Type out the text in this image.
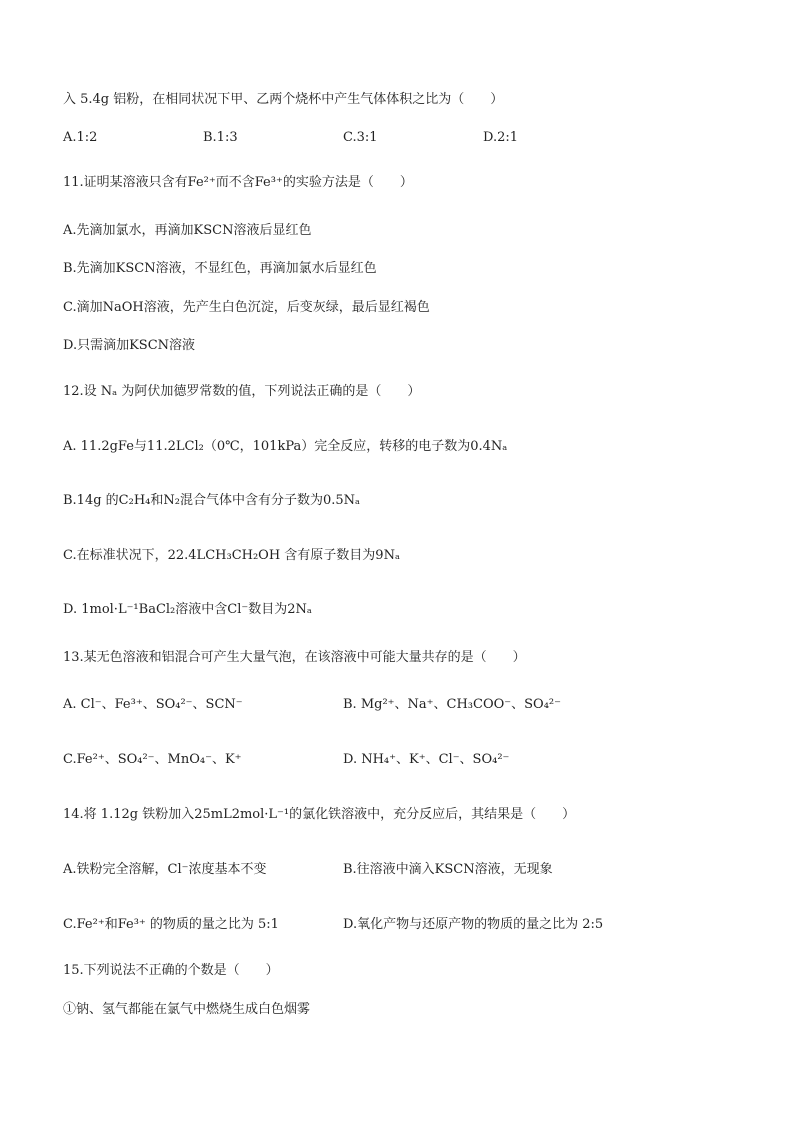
入 5.4g 铝粉，在相同状况下甲、乙两个烧杯中产生气体体积之比为（　　）
A.1:2	B.1:3	C.3:1	D.2:1
11.证明某溶液只含有Fe²⁺而不含Fe³⁺的实验方法是（　　）
A.先滴加氯水，再滴加KSCN溶液后显红色
B.先滴加KSCN溶液，不显红色，再滴加氯水后显红色
C.滴加NaOH溶液，先产生白色沉淀，后变灰绿，最后显红褐色
D.只需滴加KSCN溶液
12.设 Nₐ 为阿伏加德罗常数的值，下列说法正确的是（　　）
A. 11.2gFe与11.2LCl₂（0℃，101kPa）完全反应，转移的电子数为0.4Nₐ
B.14g 的C₂H₄和N₂混合气体中含有分子数为0.5Nₐ
C.在标准状况下，22.4LCH₃CH₂OH 含有原子数目为9Nₐ
D. 1mol·L⁻¹BaCl₂溶液中含Cl⁻数目为2Nₐ
13.某无色溶液和铝混合可产生大量气泡，在该溶液中可能大量共存的是（　　）
A. Cl⁻、Fe³⁺、SO₄²⁻、SCN⁻	B. Mg²⁺、Na⁺、CH₃COO⁻、SO₄²⁻
C.Fe²⁺、SO₄²⁻、MnO₄⁻、K⁺	D. NH₄⁺、K⁺、Cl⁻、SO₄²⁻
14.将 1.12g 铁粉加入25mL2mol·L⁻¹的氯化铁溶液中，充分反应后，其结果是（　　）
A.铁粉完全溶解，Cl⁻浓度基本不变	B.往溶液中滴入KSCN溶液，无现象
C.Fe²⁺和Fe³⁺ 的物质的量之比为 5:1	D.氧化产物与还原产物的物质的量之比为 2:5
15.下列说法不正确的个数是（　　）
①钠、氢气都能在氯气中燃烧生成白色烟雾
